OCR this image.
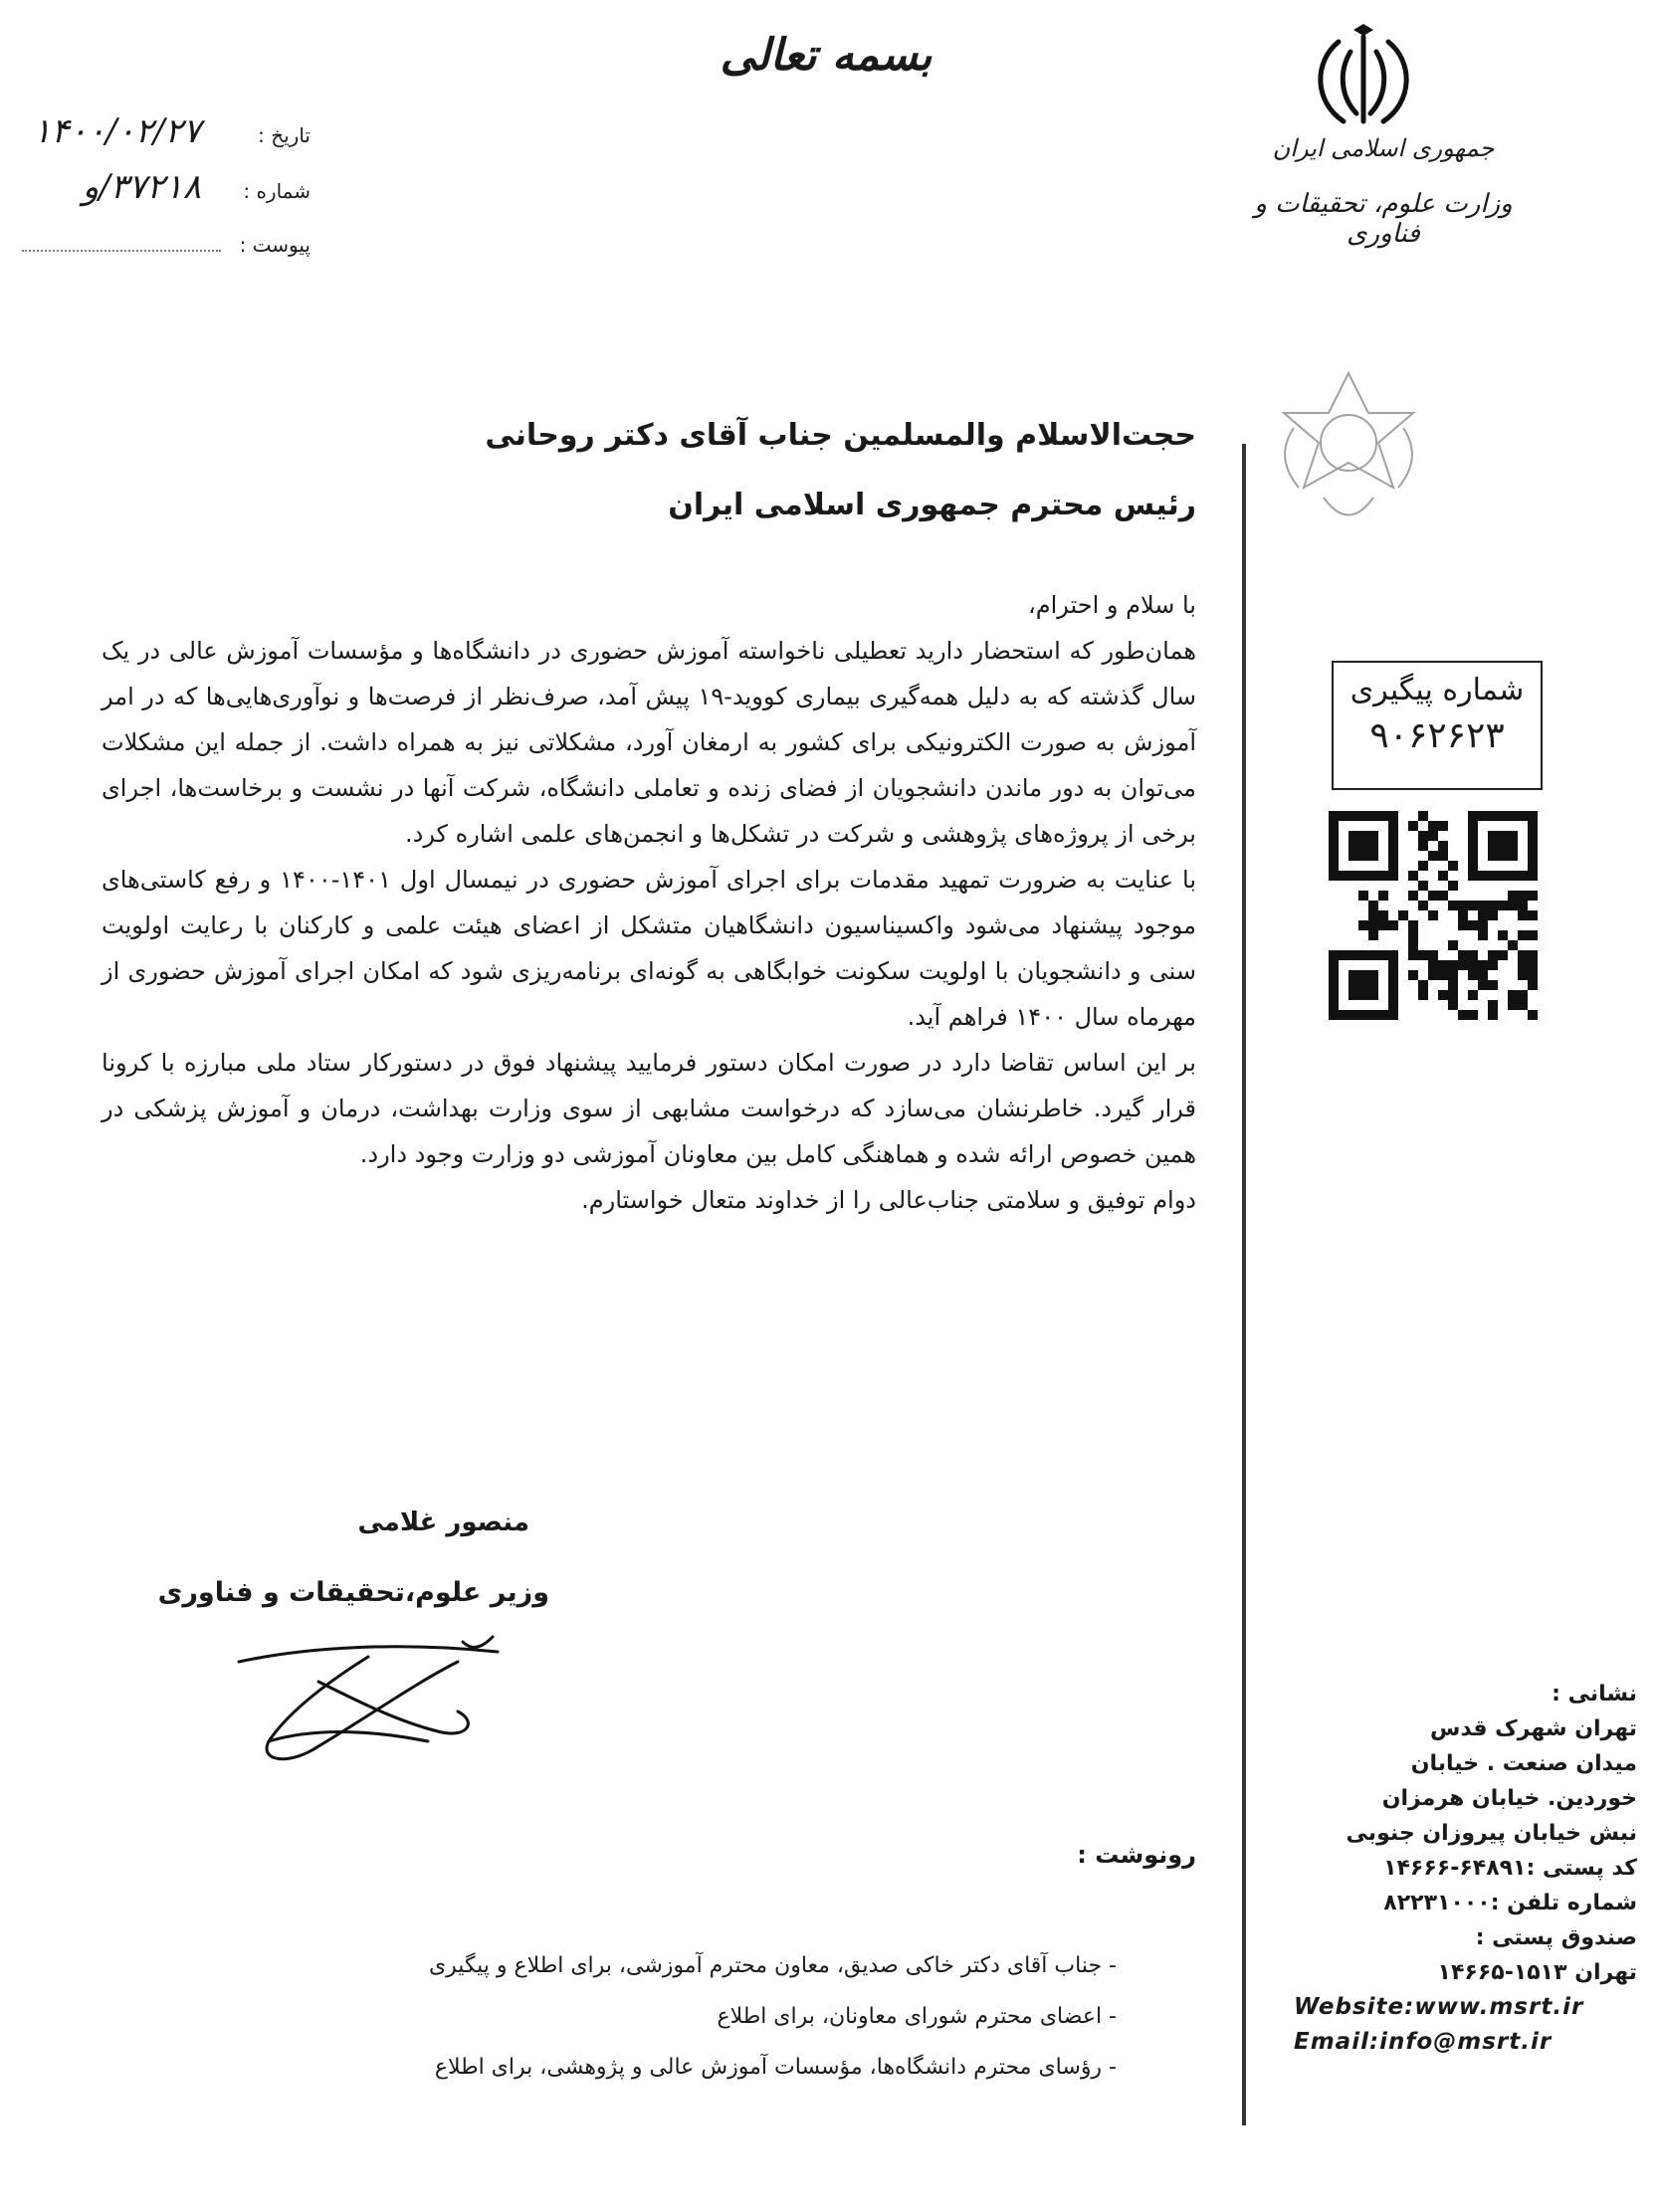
بسمه تعالی
جمهوری اسلامی ایران
وزارت علوم، تحقیقات و فناوری
تاریخ :۱۴۰۰/۰۲/۲۷
شماره :۳۷۲۱۸/و
پیوست :
شماره پیگیری
۹۰۶۲۶۲۳
حجت‌الاسلام والمسلمین جناب آقای دکتر روحانی
رئیس محترم جمهوری اسلامی ایران

با سلام و احترام،

همان‌طور که استحضار دارید تعطیلی ناخواسته آموزش حضوری در دانشگاه‌ها و مؤسسات آموزش عالی در یک سال گذشته که به دلیل همه‌گیری بیماری کووید-۱۹ پیش آمد، صرف‌نظر از فرصت‌ها و نوآوری‌هایی‌ها که در امر آموزش به صورت الکترونیکی برای کشور به ارمغان آورد، مشکلاتی نیز به همراه داشت. از جمله این مشکلات می‌توان به دور ماندن دانشجویان از فضای زنده و تعاملی دانشگاه، شرکت آنها در نشست و برخاست‌ها، اجرای برخی از پروژه‌های پژوهشی و شرکت در تشکل‌ها و انجمن‌های علمی اشاره کرد.

با عنایت به ضرورت تمهید مقدمات برای اجرای آموزش حضوری در نیمسال اول ۱۴۰۱-۱۴۰۰ و رفع کاستی‌های موجود پیشنهاد می‌شود واکسیناسیون دانشگاهیان متشکل از اعضای هیئت علمی و کارکنان با رعایت اولویت سنی و دانشجویان با اولویت سکونت خوابگاهی به گونه‌ای برنامه‌ریزی شود که امکان اجرای آموزش حضوری از مهرماه سال ۱۴۰۰ فراهم آید.

بر این اساس تقاضا دارد در صورت امکان دستور فرمایید پیشنهاد فوق در دستورکار ستاد ملی مبارزه با کرونا قرار گیرد. خاطرنشان می‌سازد که درخواست مشابهی از سوی وزارت بهداشت، درمان و آموزش پزشکی در همین خصوص ارائه شده و هماهنگی کامل بین معاونان آموزشی دو وزارت وجود دارد.

دوام توفیق و سلامتی جناب‌عالی را از خداوند متعال خواستارم.

منصور غلامی
وزیر علوم،تحقیقات و فناوری
رونوشت :
- جناب آقای دکتر خاکی صدیق، معاون محترم آموزشی، برای اطلاع و پیگیری
- اعضای محترم شورای معاونان، برای اطلاع
- رؤسای محترم دانشگاه‌ها، مؤسسات آموزش عالی و پژوهشی، برای اطلاع
نشانی :
تهران شهرک قدس
میدان صنعت . خیابان
خوردین. خیابان هرمزان
نبش خیابان پیروزان جنوبی
کد پستی :۶۴۸۹۱-۱۴۶۶۶
شماره تلفن :۸۲۲۳۱۰۰۰
صندوق پستی :
تهران ۱۵۱۳-۱۴۶۶۵
Website:www.msrt.ir
Email:info@msrt.ir
